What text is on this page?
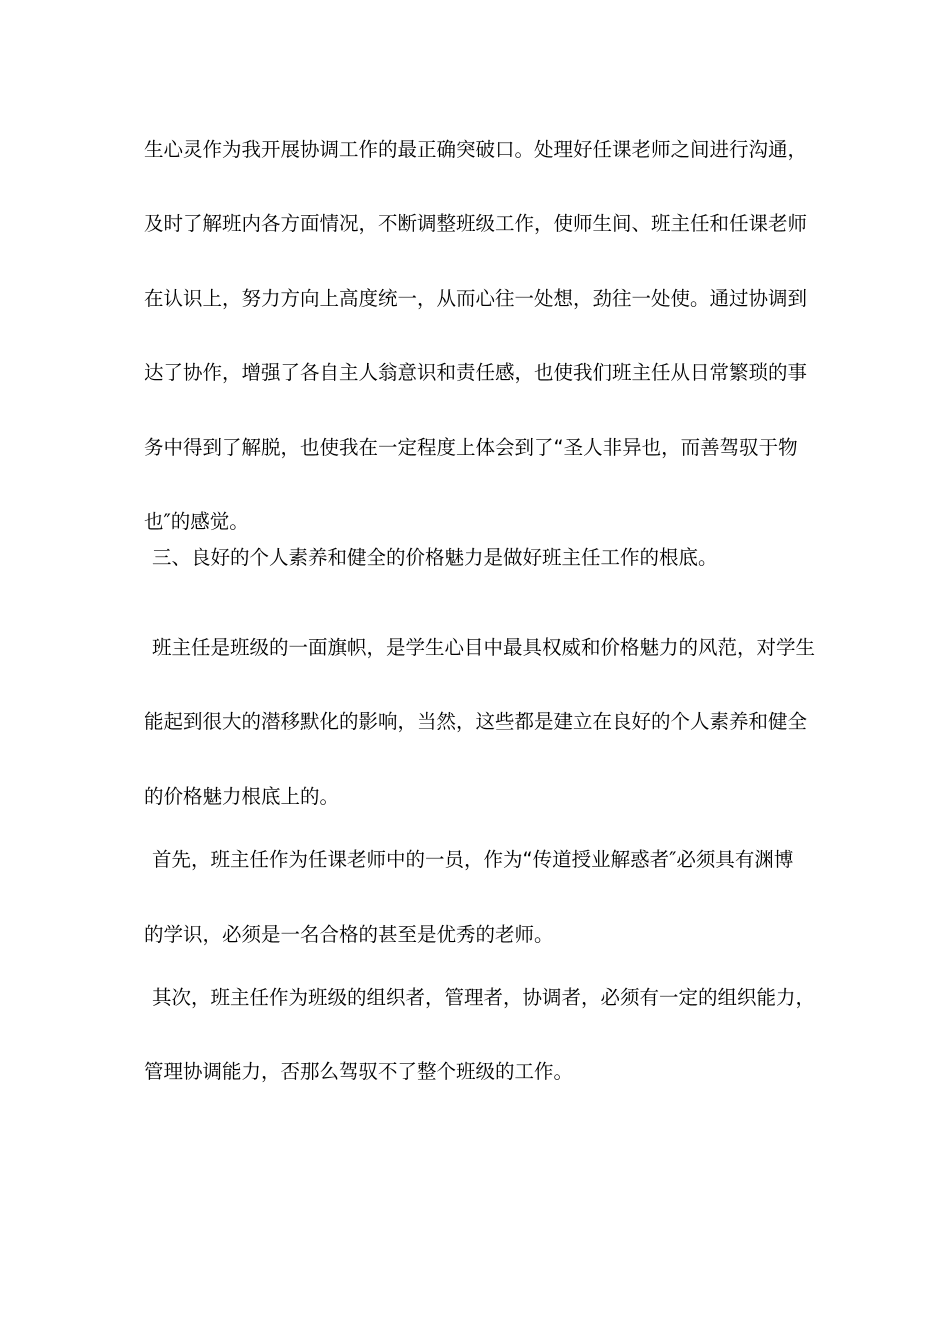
生心灵作为我开展协调工作的最正确突破口。处理好任课老师之间进行沟通，

及时了解班内各方面情况，不断调整班级工作，使师生间、班主任和任课老师

在认识上，努力方向上高度统一，从而心往一处想，劲往一处使。通过协调到

达了协作，增强了各自主人翁意识和责任感，也使我们班主任从日常繁琐的事

务中得到了解脱，也使我在一定程度上体会到了“圣人非异也，而善驾驭于物

也″的感觉。

三、良好的个人素养和健全的价格魅力是做好班主任工作的根底。

班主任是班级的一面旗帜，是学生心目中最具权威和价格魅力的风范，对学生

能起到很大的潜移默化的影响，当然，这些都是建立在良好的个人素养和健全

的价格魅力根底上的。

首先，班主任作为任课老师中的一员，作为“传道授业解惑者″必须具有渊博

的学识，必须是一名合格的甚至是优秀的老师。

其次，班主任作为班级的组织者，管理者，协调者，必须有一定的组织能力，

管理协调能力，否那么驾驭不了整个班级的工作。
